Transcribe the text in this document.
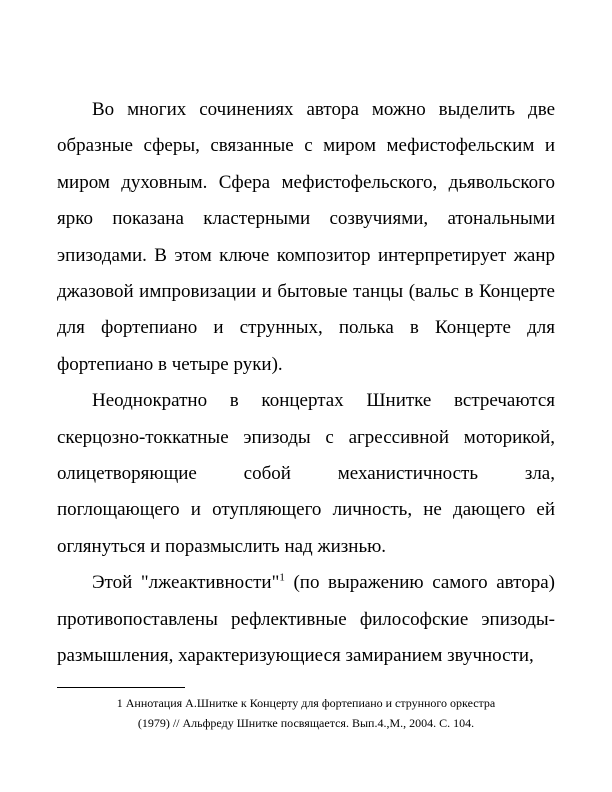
Во многих сочинениях автора можно выделить две образные сферы, связанные с миром мефистофельским и миром духовным. Сфера мефистофельского, дьявольского ярко показана кластерными созвучиями, атональными эпизодами. В этом ключе композитор интерпретирует жанр джазовой импровизации и бытовые танцы (вальс в Концерте для фортепиано и струнных, полька в Концерте для фортепиано в четыре руки).

Неоднократно в концертах Шнитке встречаются скерцозно-токкатные эпизоды с агрессивной моторикой, олицетворяющие собой механистичность зла, поглощающего и отупляющего личность, не дающего ей оглянуться и поразмыслить над жизнью.

Этой "лжеактивности"$^1$ (по выражению самого автора) противопоставлены рефлективные философские эпизоды-размышления, характеризующиеся замиранием звучности,

1 Аннотация А.Шнитке к Концерту для фортепиано и струнного оркестра
(1979) // Альфреду Шнитке посвящается. Вып.4.,М., 2004. С. 104.
